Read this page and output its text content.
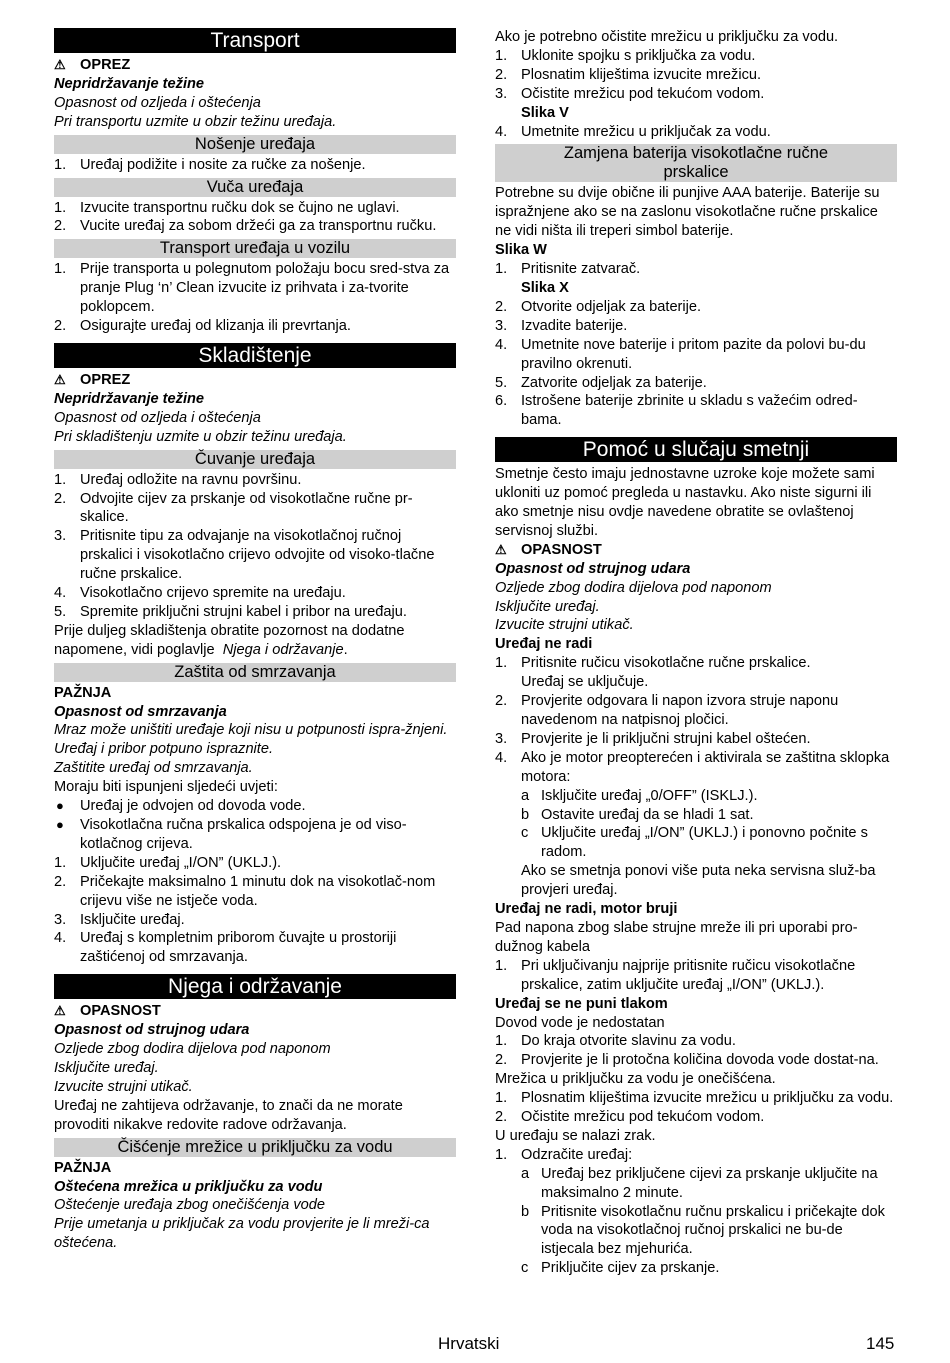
Transport

⚠ OPREZ

Nepridržavanje težine

Opasnost od ozljeda i oštećenja

Pri transportu uzmite u obzir težinu uređaja.

Nošenje uređaja

1. Uređaj podižite i nosite za ručke za nošenje.

Vuča uređaja

1. Izvucite transportnu ručku dok se čujno ne uglavi.

2. Vucite uređaj za sobom držeći ga za transportnu ručku.

Transport uređaja u vozilu

1. Prije transporta u polegnutom položaju bocu sred-stva za pranje Plug ‘n’ Clean izvucite iz prihvata i za-tvorite poklopcem.

2. Osigurajte uređaj od klizanja ili prevrtanja.

Skladištenje

⚠ OPREZ

Nepridržavanje težine

Opasnost od ozljeda i oštećenja

Pri skladištenju uzmite u obzir težinu uređaja.

Čuvanje uređaja

1. Uređaj odložite na ravnu površinu.

2. Odvojite cijev za prskanje od visokotlačne ručne pr-skalice.

3. Pritisnite tipu za odvajanje na visokotlačnoj ručnoj prskalici i visokotlačno crijevo odvojite od visoko-tlačne ručne prskalice.

4. Visokotlačno crijevo spremite na uređaju.

5. Spremite priključni strujni kabel i pribor na uređaju.

Prije duljeg skladištenja obratite pozornost na dodatne napomene, vidi poglavlje Njega i održavanje.

Zaštita od smrzavanja

PAŽNJA

Opasnost od smrzavanja

Mraz može uništiti uređaje koji nisu u potpunosti ispra-žnjeni.

Uređaj i pribor potpuno ispraznite.

Zaštitite uređaj od smrzavanja.

Moraju biti ispunjeni sljedeći uvjeti:

● Uređaj je odvojen od dovoda vode.

● Visokotlačna ručna prskalica odspojena je od viso-kotlačnog crijeva.

1. Uključite uređaj „I/ON” (UKLJ.).

2. Pričekajte maksimalno 1 minutu dok na visokotlač-nom crijevu više ne istječe voda.

3. Isključite uređaj.

4. Uređaj s kompletnim priborom čuvajte u prostoriji zaštićenoj od smrzavanja.

Njega i održavanje

⚠ OPASNOST

Opasnost od strujnog udara

Ozljede zbog dodira dijelova pod naponom

Isključite uređaj.

Izvucite strujni utikač.

Uređaj ne zahtijeva održavanje, to znači da ne morate provoditi nikakve redovite radove održavanja.

Čišćenje mrežice u priključku za vodu

PAŽNJA

Oštećena mrežica u priključku za vodu

Oštećenje uređaja zbog onečišćenja vode

Prije umetanja u priključak za vodu provjerite je li mreži-ca oštećena.

Ako je potrebno očistite mrežicu u priključku za vodu.

1. Uklonite spojku s priključka za vodu.

2. Plosnatim kliještima izvucite mrežicu.

3. Očistite mrežicu pod tekućom vodom.

Slika V

4. Umetnite mrežicu u priključak za vodu.

Zamjena baterija visokotlačne ručne
prskalice

Potrebne su dvije obične ili punjive AAA baterije. Baterije su ispražnjene ako se na zaslonu visokotlačne ručne prskalice ne vidi ništa ili treperi simbol baterije.

Slika W

1. Pritisnite zatvarač.

Slika X

2. Otvorite odjeljak za baterije.

3. Izvadite baterije.

4. Umetnite nove baterije i pritom pazite da polovi bu-du pravilno okrenuti.

5. Zatvorite odjeljak za baterije.

6. Istrošene baterije zbrinite u skladu s važećim odred-bama.

Pomoć u slučaju smetnji

Smetnje često imaju jednostavne uzroke koje možete sami ukloniti uz pomoć pregleda u nastavku. Ako niste sigurni ili ako smetnje nisu ovdje navedene obratite se ovlaštenoj servisnoj službi.

⚠ OPASNOST

Opasnost od strujnog udara

Ozljede zbog dodira dijelova pod naponom

Isključite uređaj.

Izvucite strujni utikač.

Uređaj ne radi

1. Pritisnite ručicu visokotlačne ručne prskalice.

Uređaj se uključuje.

2. Provjerite odgovara li napon izvora struje naponu navedenom na natpisnoj pločici.

3. Provjerite je li priključni strujni kabel oštećen.

4. Ako je motor preopterećen i aktivirala se zaštitna sklopka motora:

a Isključite uređaj „0/OFF” (ISKLJ.).

b Ostavite uređaj da se hladi 1 sat.

c Uključite uređaj „I/ON” (UKLJ.) i ponovno počnite s radom.

Ako se smetnja ponovi više puta neka servisna služ-ba provjeri uređaj.

Uređaj ne radi, motor bruji

Pad napona zbog slabe strujne mreže ili pri uporabi pro-dužnog kabela

1. Pri uključivanju najprije pritisnite ručicu visokotlačne prskalice, zatim uključite uređaj „I/ON” (UKLJ.).

Uređaj se ne puni tlakom

Dovod vode je nedostatan

1. Do kraja otvorite slavinu za vodu.

2. Provjerite je li protočna količina dovoda vode dostat-na.

Mrežica u priključku za vodu je onečišćena.

1. Plosnatim kliještima izvucite mrežicu u priključku za vodu.

2. Očistite mrežicu pod tekućom vodom.

U uređaju se nalazi zrak.

1. Odzračite uređaj:

a Uređaj bez priključene cijevi za prskanje uključite na maksimalno 2 minute.

b Pritisnite visokotlačnu ručnu prskalicu i pričekajte dok voda na visokotlačnoj ručnoj prskalici ne bu-de istjecala bez mjehurića.

c Priključite cijev za prskanje.

Hrvatski	145
